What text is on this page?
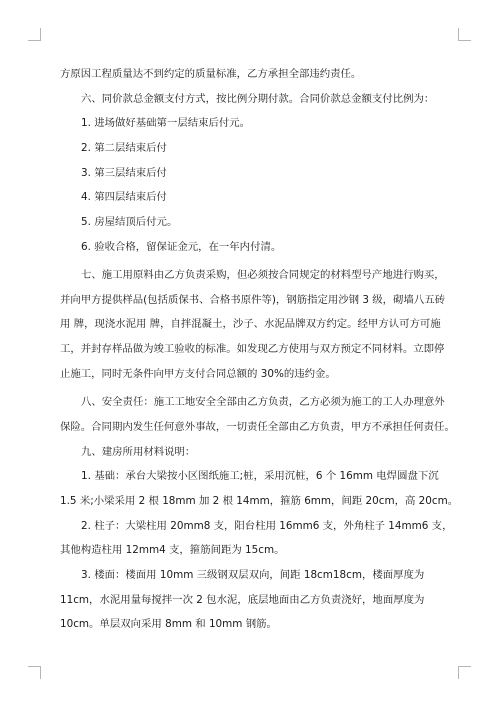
方原因工程质量达不到约定的质量标准，乙方承担全部违约责任。
六、同价款总金额支付方式，按比例分期付款。合同价款总金额支付比例为：
1. 进场做好基础第一层结束后付元。
2. 第二层结束后付
3. 第三层结束后付
4. 第四层结束后付
5. 房屋结顶后付元。
6. 验收合格，留保证金元，在一年内付清。
七、施工用原料由乙方负责采购，但必须按合同规定的材料型号产地进行购买，
并向甲方提供样品(包括质保书、合格书原件等)，钢筋指定用沙钢 3 级，砌墙八五砖
用 牌，现浇水泥用 牌，自拌混凝土，沙子、水泥品牌双方约定。经甲方认可方可施
工，并封存样品做为竣工验收的标准。如发现乙方使用与双方预定不同材料。立即停
止施工，同时无条件向甲方支付合同总额的 30%的违约金。
八、安全责任：施工工地安全全部由乙方负责，乙方必须为施工的工人办理意外
保险。合同期内发生任何意外事故，一切责任全部由乙方负责，甲方不承担任何责任。
九、建房所用材料说明：
1. 基础：承台大梁按小区图纸施工;桩，采用沉桩，6 个 16mm 电焊圆盘下沉
1.5 米;小梁采用 2 根 18mm 加 2 根 14mm，箍筋 6mm，间距 20cm，高 20cm。
2. 柱子：大梁柱用 20mm8 支，阳台柱用 16mm6 支，外角柱子 14mm6 支，
其他构造柱用 12mm4 支，箍筋间距为 15cm。
3. 楼面：楼面用 10mm 三级钢双层双向，间距 18cm18cm，楼面厚度为
11cm，水泥用量每搅拌一次 2 包水泥，底层地面由乙方负责浇好，地面厚度为
10cm。单层双向采用 8mm 和 10mm 钢筋。
